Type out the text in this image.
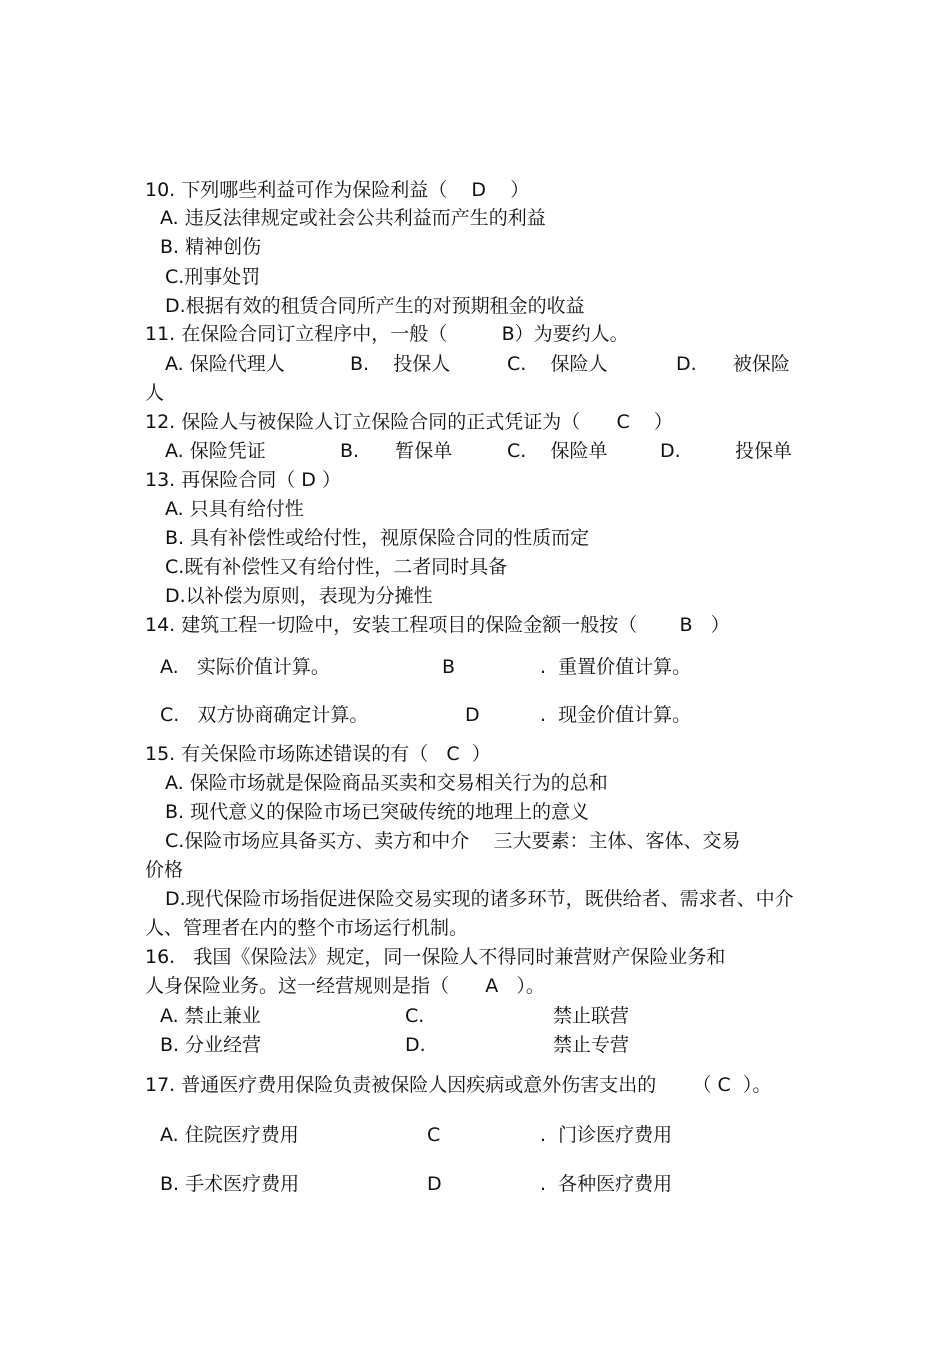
10. 下列哪些利益可作为保险利益（    D    ）
A. 违反法律规定或社会公共利益而产生的利益
B. 精神创伤
C.刑事处罚
D.根据有效的租赁合同所产生的对预期租金的收益
11. 在保险合同订立程序中，一般（         B）为要约人。
A. 保险代理人	B.    投保人	C.    保险人	D.      被保险
人
12. 保险人与被保险人订立保险合同的正式凭证为（      C    ）
A. 保险凭证	B.      暂保单	C.    保险单	D.         投保单
13. 再保险合同（ D ）
A. 只具有给付性
B. 具有补偿性或给付性，视原保险合同的性质而定
C.既有补偿性又有给付性，二者同时具备
D.以补偿为原则，表现为分摊性
14. 建筑工程一切险中，安装工程项目的保险金额一般按（       B   ）
A.   实际价值计算。	B	.  重置价值计算。
C.   双方协商确定计算。	D	.  现金价值计算。
15. 有关保险市场陈述错误的有（   C  ）
A. 保险市场就是保险商品买卖和交易相关行为的总和
B. 现代意义的保险市场已突破传统的地理上的意义
C.保险市场应具备买方、卖方和中介    三大要素：主体、客体、交易
价格
D.现代保险市场指促进保险交易实现的诸多环节，既供给者、需求者、中介
人、管理者在内的整个市场运行机制。
16.   我国《保险法》规定，同一保险人不得同时兼营财产保险业务和
人身保险业务。这一经营规则是指（      A   ）。
A. 禁止兼业	C.	禁止联营
B. 分业经营	D.	禁止专营
17. 普通医疗费用保险负责被保险人因疾病或意外伤害支出的      （ C  ）。
A. 住院医疗费用	C	.  门诊医疗费用
B. 手术医疗费用	D	.  各种医疗费用
